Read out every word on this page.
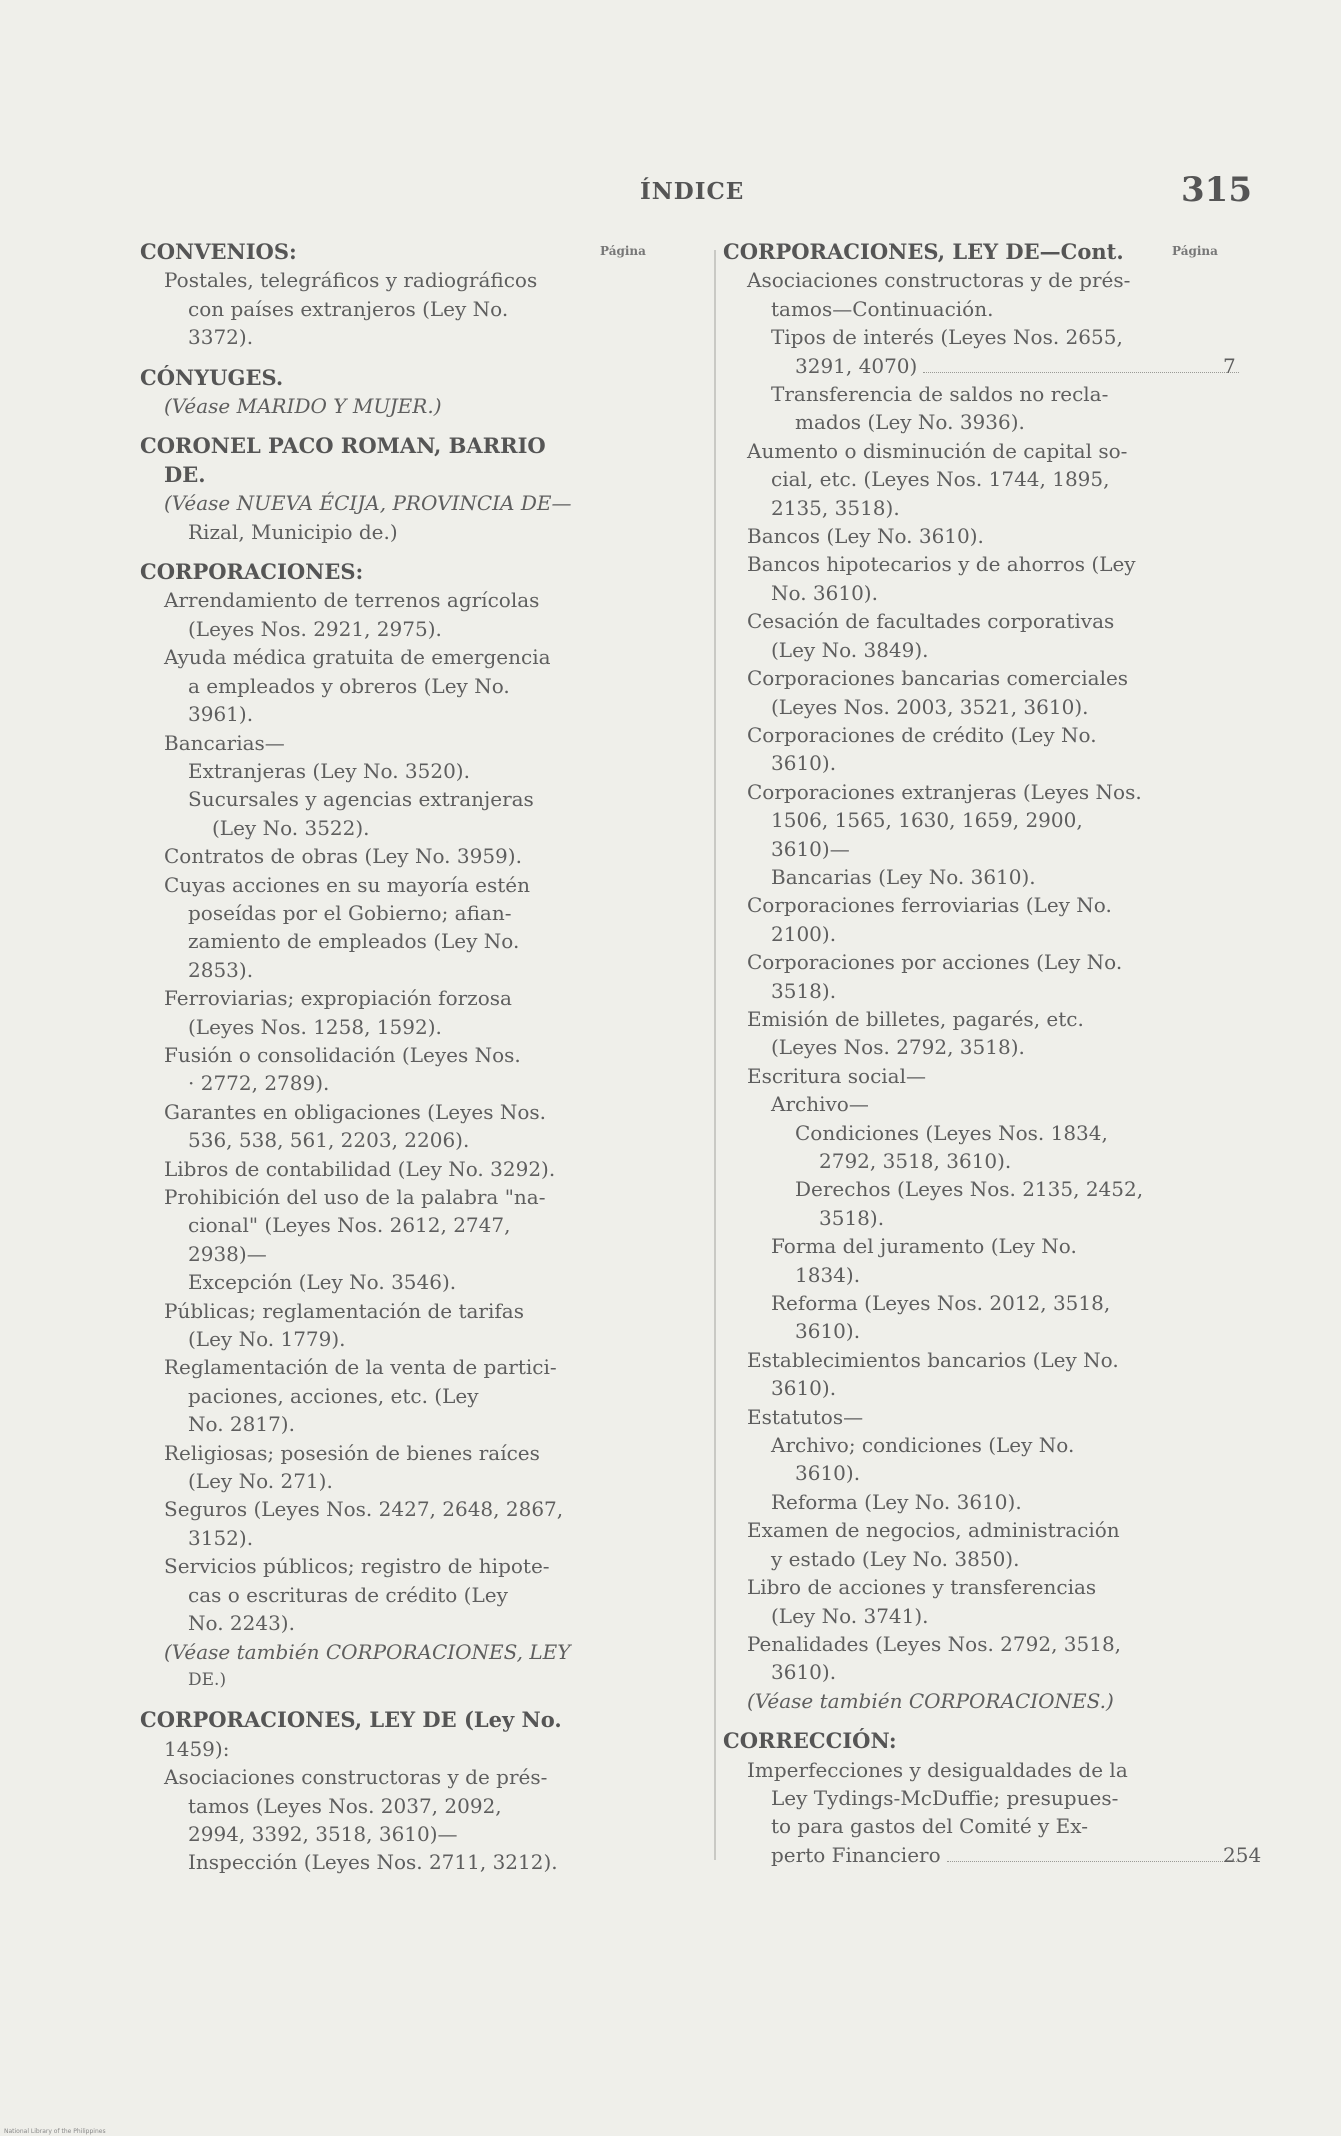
ÍNDICE	315
Página	Página
CONVENIOS:
Postales, telegráficos y radiográficos
con países extranjeros (Ley No.
3372).
CÓNYUGES.
(Véase MARIDO Y MUJER.)
CORONEL PACO ROMAN, BARRIO
DE.
(Véase NUEVA ÉCIJA, PROVINCIA DE—
Rizal, Municipio de.)
CORPORACIONES:
Arrendamiento de terrenos agrícolas
(Leyes Nos. 2921, 2975).
Ayuda médica gratuita de emergencia
a empleados y obreros (Ley No.
3961).
Bancarias—
Extranjeras (Ley No. 3520).
Sucursales y agencias extranjeras
(Ley No. 3522).
Contratos de obras (Ley No. 3959).
Cuyas acciones en su mayoría estén
poseídas por el Gobierno; afian-
zamiento de empleados (Ley No.
2853).
Ferroviarias; expropiación forzosa
(Leyes Nos. 1258, 1592).
Fusión o consolidación (Leyes Nos.
· 2772, 2789).
Garantes en obligaciones (Leyes Nos.
536, 538, 561, 2203, 2206).
Libros de contabilidad (Ley No. 3292).
Prohibición del uso de la palabra "na-
cional" (Leyes Nos. 2612, 2747,
2938)—
Excepción (Ley No. 3546).
Públicas; reglamentación de tarifas
(Ley No. 1779).
Reglamentación de la venta de partici-
paciones, acciones, etc. (Ley
No. 2817).
Religiosas; posesión de bienes raíces
(Ley No. 271).
Seguros (Leyes Nos. 2427, 2648, 2867,
3152).
Servicios públicos; registro de hipote-
cas o escrituras de crédito (Ley
No. 2243).
(Véase también CORPORACIONES, LEY
DE.)
CORPORACIONES, LEY DE (Ley No.
1459):
Asociaciones constructoras y de prés-
tamos (Leyes Nos. 2037, 2092,
2994, 3392, 3518, 3610)—
Inspección (Leyes Nos. 2711, 3212).
CORPORACIONES, LEY DE—Cont.
Asociaciones constructoras y de prés-
tamos—Continuación.
Tipos de interés (Leyes Nos. 2655,
3291, 4070)	7
Transferencia de saldos no recla-
mados (Ley No. 3936).
Aumento o disminución de capital so-
cial, etc. (Leyes Nos. 1744, 1895,
2135, 3518).
Bancos (Ley No. 3610).
Bancos hipotecarios y de ahorros (Ley
No. 3610).
Cesación de facultades corporativas
(Ley No. 3849).
Corporaciones bancarias comerciales
(Leyes Nos. 2003, 3521, 3610).
Corporaciones de crédito (Ley No.
3610).
Corporaciones extranjeras (Leyes Nos.
1506, 1565, 1630, 1659, 2900,
3610)—
Bancarias (Ley No. 3610).
Corporaciones ferroviarias (Ley No.
2100).
Corporaciones por acciones (Ley No.
3518).
Emisión de billetes, pagarés, etc.
(Leyes Nos. 2792, 3518).
Escritura social—
Archivo—
Condiciones (Leyes Nos. 1834,
2792, 3518, 3610).
Derechos (Leyes Nos. 2135, 2452,
3518).
Forma del juramento (Ley No.
1834).
Reforma (Leyes Nos. 2012, 3518,
3610).
Establecimientos bancarios (Ley No.
3610).
Estatutos—
Archivo; condiciones (Ley No.
3610).
Reforma (Ley No. 3610).
Examen de negocios, administración
y estado (Ley No. 3850).
Libro de acciones y transferencias
(Ley No. 3741).
Penalidades (Leyes Nos. 2792, 3518,
3610).
(Véase también CORPORACIONES.)
CORRECCIÓN:
Imperfecciones y desigualdades de la
Ley Tydings-McDuffie; presupues-
to para gastos del Comité y Ex-
perto Financiero	254
National Library of the Philippines
